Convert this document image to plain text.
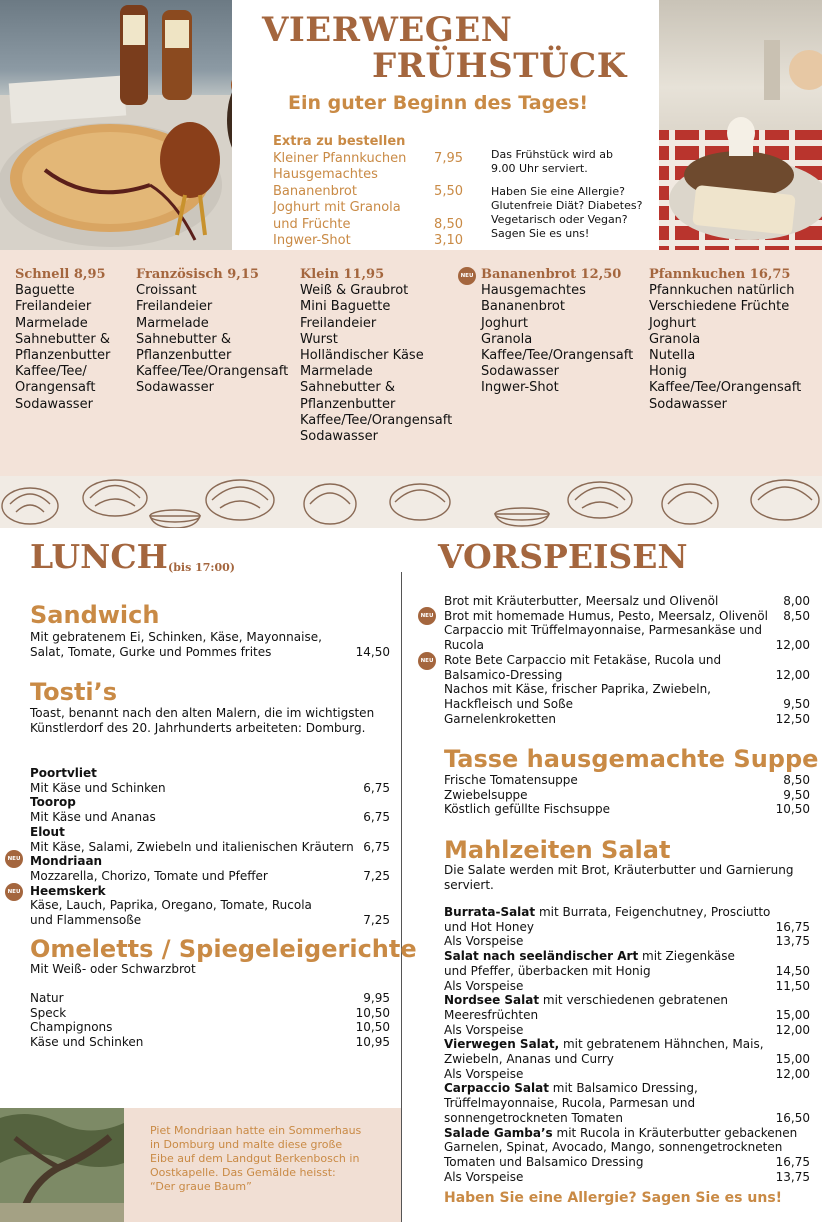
VIERWEGEN
FRÜHSTÜCK
Ein guter Beginn des Tages!
Extra zu bestellen
Kleiner Pfannkuchen 7,95
Hausgemachtes
Bananenbrot	5,50
Joghurt mit Granola
und Früchte	8,50
Ingwer-Shot	3,10
Das Frühstück wird ab
9.00 Uhr serviert.
Haben Sie eine Allergie?
Glutenfreie Diät? Diabetes?
Vegetarisch oder Vegan?
Sagen Sie es uns!
Schnell 8,95
Baguette
Freilandeier
Marmelade
Sahnebutter &
Pflanzenbutter
Kaffee/Tee/
Orangensaft
Sodawasser
Französisch 9,15
Croissant
Freilandeier
Marmelade
Sahnebutter &
Pflanzenbutter
Kaffee/Tee/Orangensaft
Sodawasser
Klein 11,95
Weiß & Graubrot
Mini Baguette
Freilandeier
Wurst
Holländischer Käse
Marmelade
Sahnebutter &
Pflanzenbutter
Kaffee/Tee/Orangensaft
Sodawasser
NEU Bananenbrot 12,50
Hausgemachtes
Bananenbrot
Joghurt
Granola
Kaffee/Tee/Orangensaft
Sodawasser
Ingwer-Shot
Pfannkuchen 16,75
Pfannkuchen natürlich
Verschiedene Früchte
Joghurt
Granola
Nutella
Honig
Kaffee/Tee/Orangensaft
Sodawasser
LUNCH (bis 17:00)	VORSPEISEN
Sandwich
Mit gebratenem Ei, Schinken, Käse, Mayonnaise,
Salat, Tomate, Gurke und Pommes frites	14,50
Tosti’s
Toast, benannt nach den alten Malern, die im wichtigsten
Künstlerdorf des 20. Jahrhunderts arbeiteten: Domburg.
Poortvliet
Mit Käse und Schinken	6,75
Toorop
Mit Käse und Ananas	6,75
Elout
Mit Käse, Salami, Zwiebeln und italienischen Kräutern 6,75
Mondriaan
Mozzarella, Chorizo, Tomate und Pfeffer	7,25
Heemskerk
Käse, Lauch, Paprika, Oregano, Tomate, Rucola
und Flammensoße	7,25
NEU
NEU
Omeletts / Spiegeleigerichte
Mit Weiß- oder Schwarzbrot
Natur	9,95
Speck	10,50
Champignons	10,50
Käse und Schinken	10,95
Piet Mondriaan hatte ein Sommerhaus
in Domburg und malte diese große
Eibe auf dem Landgut Berkenbosch in
Oostkapelle. Das Gemälde heisst:
“Der graue Baum”
Brot mit Kräuterbutter, Meersalz und Olivenöl	8,00
Brot mit homemade Humus, Pesto, Meersalz, Olivenöl 8,50
Carpaccio mit Trüffelmayonnaise, Parmesankäse und
Rucola	12,00
Rote Bete Carpaccio mit Fetakäse, Rucola und
Balsamico-Dressing	12,00
Nachos mit Käse, frischer Paprika, Zwiebeln,
Hackfleisch und Soße	9,50
Garnelenkroketten	12,50
NEU
NEU
Tasse hausgemachte Suppe
Frische Tomatensuppe	8,50
Zwiebelsuppe	9,50
Köstlich gefüllte Fischsuppe	10,50
Mahlzeiten Salat
Die Salate werden mit Brot, Kräuterbutter und Garnierung
serviert.
Burrata-Salat mit Burrata, Feigenchutney, Prosciutto
und Hot Honey	16,75
Als Vorspeise	13,75
Salat nach seeländischer Art mit Ziegenkäse
und Pfeffer, überbacken mit Honig	14,50
Als Vorspeise	11,50
Nordsee Salat mit verschiedenen gebratenen
Meeresfrüchten	15,00
Als Vorspeise	12,00
Vierwegen Salat, mit gebratenem Hähnchen, Mais,
Zwiebeln, Ananas und Curry	15,00
Als Vorspeise	12,00
Carpaccio Salat mit Balsamico Dressing,
Trüffelmayonnaise, Rucola, Parmesan und
sonnengetrockneten Tomaten	16,50
Salade Gamba’s mit Rucola in Kräuterbutter gebackenen
Garnelen, Spinat, Avocado, Mango, sonnengetrockneten
Tomaten und Balsamico Dressing	16,75
Als Vorspeise	13,75
Haben Sie eine Allergie? Sagen Sie es uns!
